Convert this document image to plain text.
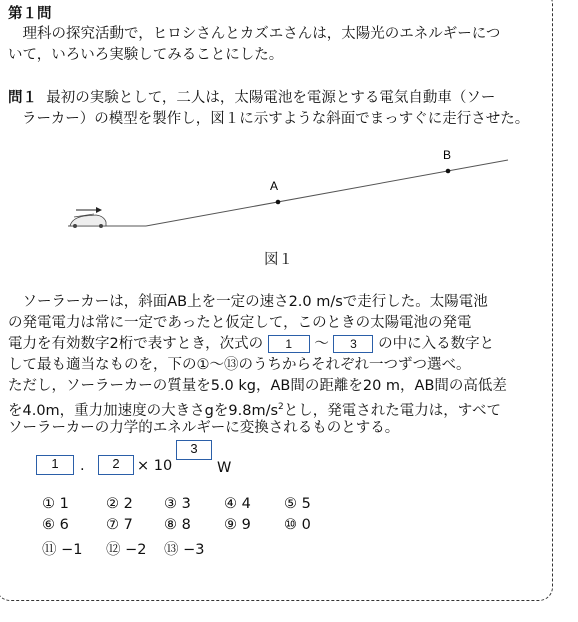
第１問
　理科の探究活動で，ヒロシさんとカズエさんは，太陽光のエネルギーにつ
いて，いろいろ実験してみることにした。
問１ 最初の実験として，二人は，太陽電池を電源とする電気自動車（ソー
ラーカー）の模型を製作し，図１に示すような斜面でまっすぐに走行させた。
A
B
図１
　ソーラーカーは，斜面AB上を一定の速さ2.0 m/sで走行した。太陽電池
の発電電力は常に一定であったと仮定して，このときの太陽電池の発電
電力を有効数字2桁で表すとき，次式の 1 ～ 3 の中に入る数字と
して最も適当なものを，下の①～⑬のうちからそれぞれ一つずつ選べ。
ただし，ソーラーカーの質量を5.0 kg，AB間の距離を20 m，AB間の高低差
を4.0m，重力加速度の大きさgを$9.8m/s^2$とし，発電された電力は，すべて
ソーラーカーの力学的エネルギーに変換されるものとする。
1	.	2	× 10
3
W
① 1	② 2 ③ 3 ④ 4 ⑤ 5
⑥ 6	⑦ 7 ⑧ 8 ⑨ 9 ⑩ 0
⑪ −1 ⑫ −2 ⑬ −3
